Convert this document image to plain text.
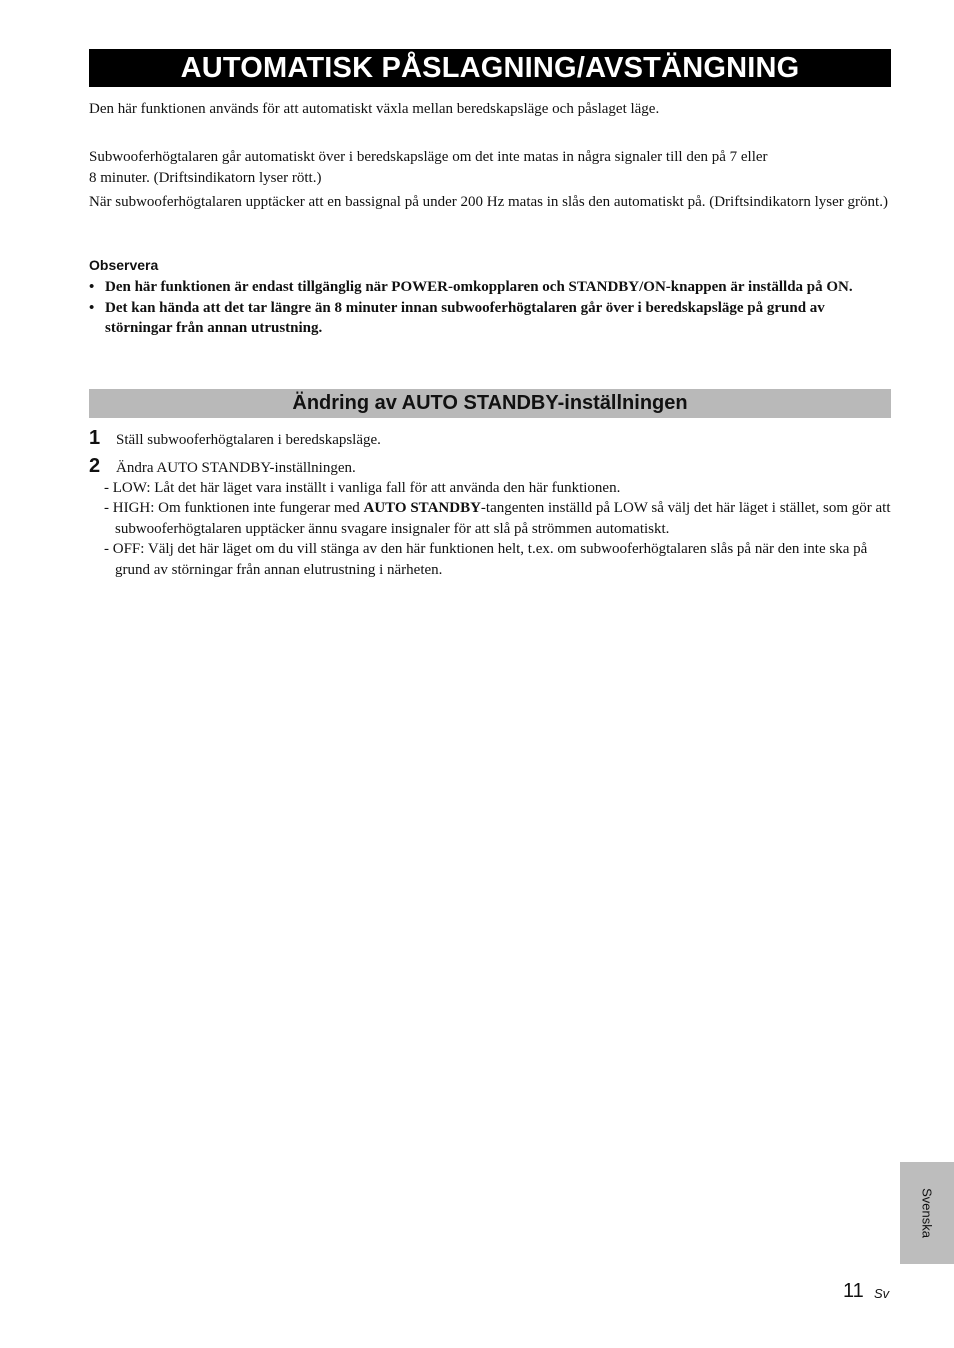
AUTOMATISK PÅSLAGNING/AVSTÄNGNING
Den här funktionen används för att automatiskt växla mellan beredskapsläge och påslaget läge.
Subwooferhögtalaren går automatiskt över i beredskapsläge om det inte matas in några signaler till den på 7 eller
8 minuter. (Driftsindikatorn lyser rött.)
När subwooferhögtalaren upptäcker att en bassignal på under 200 Hz matas in slås den automatiskt på. (Driftsindikatorn lyser grönt.)
Observera
• Den här funktionen är endast tillgänglig när POWER-omkopplaren och STANDBY/ON-knappen är inställda på ON.
• Det kan hända att det tar längre än 8 minuter innan subwooferhögtalaren går över i beredskapsläge på grund av störningar från annan utrustning.
Ändring av AUTO STANDBY-inställningen
1 Ställ subwooferhögtalaren i beredskapsläge.
2 Ändra AUTO STANDBY-inställningen.
- LOW: Låt det här läget vara inställt i vanliga fall för att använda den här funktionen.
- HIGH: Om funktionen inte fungerar med AUTO STANDBY-tangenten inställd på LOW så välj det här läget i stället, som gör att subwooferhögtalaren upptäcker ännu svagare insignaler för att slå på strömmen automatiskt.
- OFF: Välj det här läget om du vill stänga av den här funktionen helt, t.ex. om subwooferhögtalaren slås på när den inte ska på grund av störningar från annan elutrustning i närheten.
Svenska
11 Sv
